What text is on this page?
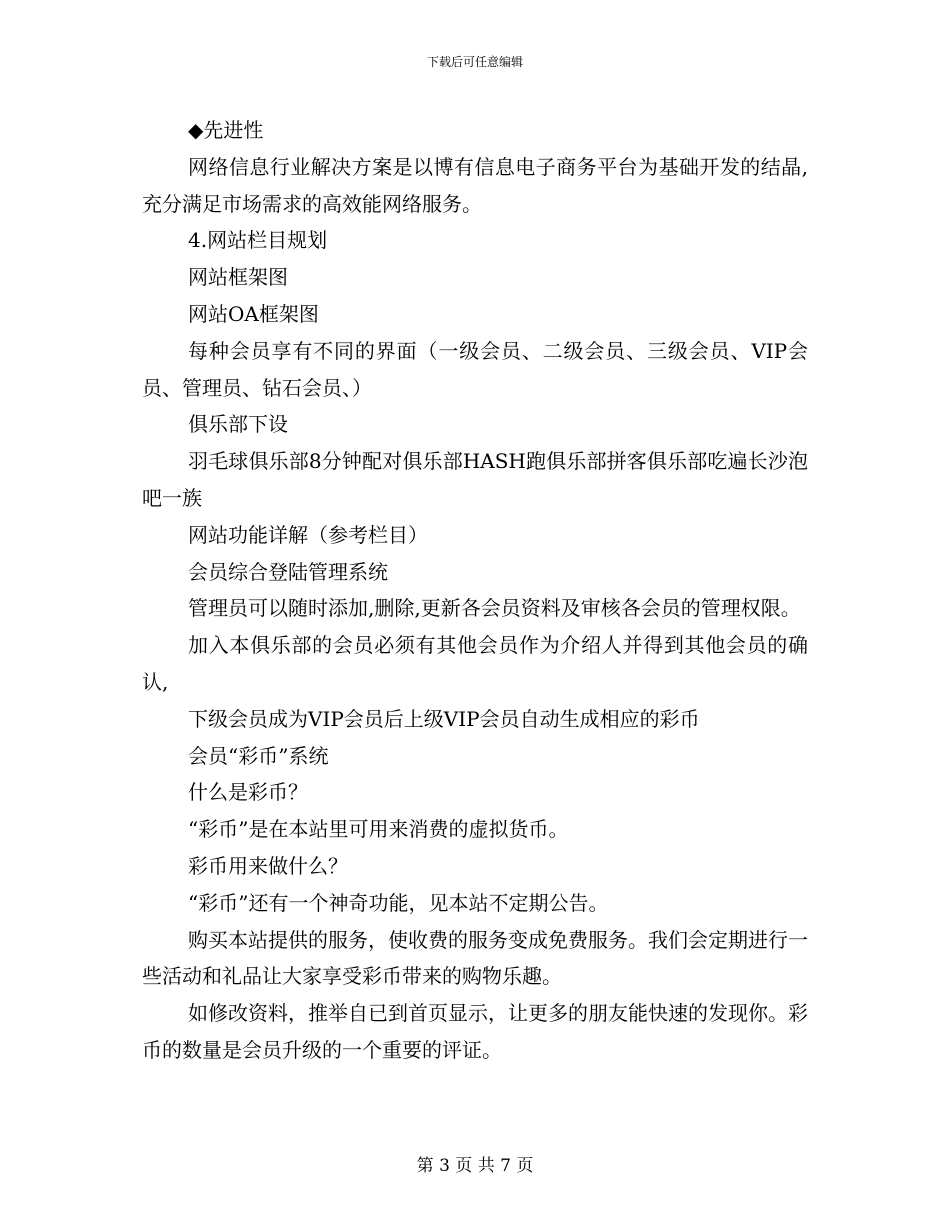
下载后可任意编辑

◆先进性

网络信息行业解决方案是以博有信息电子商务平台为基础开发的结晶,充分满足市场需求的高效能网络服务。

4.网站栏目规划

网站框架图

网站OA框架图

每种会员享有不同的界面（一级会员、二级会员、三级会员、VIP会员、管理员、钻石会员、）

俱乐部下设

羽毛球俱乐部8分钟配对俱乐部HASH跑俱乐部拼客俱乐部吃遍长沙泡吧一族

网站功能详解（参考栏目）

会员综合登陆管理系统

管理员可以随时添加,删除,更新各会员资料及审核各会员的管理权限。

加入本俱乐部的会员必须有其他会员作为介绍人并得到其他会员的确认,

下级会员成为VIP会员后上级VIP会员自动生成相应的彩币

会员“彩币”系统

什么是彩币？

“彩币”是在本站里可用来消费的虚拟货币。

彩币用来做什么？

“彩币”还有一个神奇功能，见本站不定期公告。

购买本站提供的服务，使收费的服务变成免费服务。我们会定期进行一些活动和礼品让大家享受彩币带来的购物乐趣。

如修改资料，推举自已到首页显示，让更多的朋友能快速的发现你。彩币的数量是会员升级的一个重要的评证。

第 3 页 共 7 页
